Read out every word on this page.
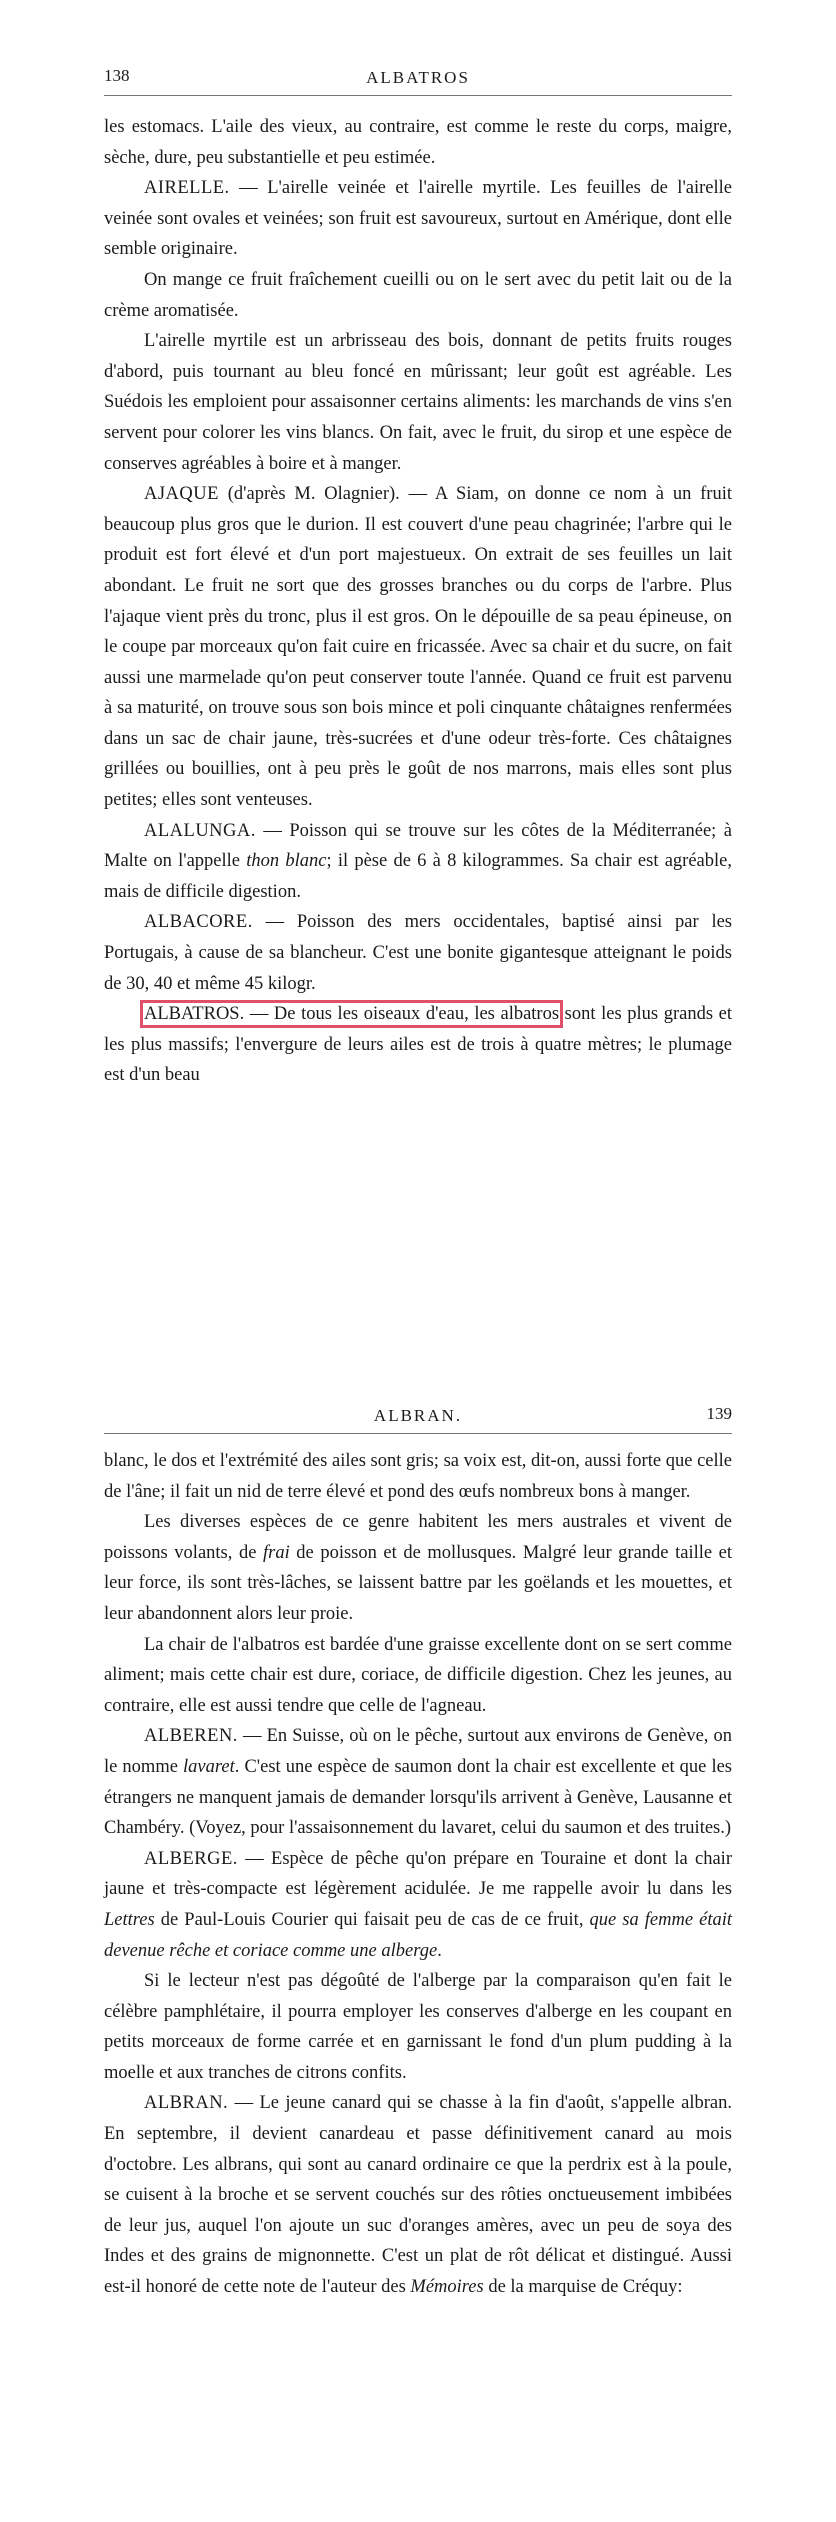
138	ALBATROS

les estomacs. L'aile des vieux, au contraire, est comme le reste du corps, maigre, sèche, dure, peu substantielle et peu estimée.

AIRELLE. — L'airelle veinée et l'airelle myrtile. Les feuilles de l'airelle veinée sont ovales et veinées; son fruit est savoureux, surtout en Amérique, dont elle semble originaire.

On mange ce fruit fraîchement cueilli ou on le sert avec du petit lait ou de la crème aromatisée.

L'airelle myrtile est un arbrisseau des bois, donnant de petits fruits rouges d'abord, puis tournant au bleu foncé en mûrissant; leur goût est agréable. Les Suédois les emploient pour assaisonner certains aliments: les marchands de vins s'en servent pour colorer les vins blancs. On fait, avec le fruit, du sirop et une espèce de conserves agréables à boire et à manger.

AJAQUE (d'après M. Olagnier). — A Siam, on donne ce nom à un fruit beaucoup plus gros que le durion. Il est couvert d'une peau chagrinée; l'arbre qui le produit est fort élevé et d'un port majestueux. On extrait de ses feuilles un lait abondant. Le fruit ne sort que des grosses branches ou du corps de l'arbre. Plus l'ajaque vient près du tronc, plus il est gros. On le dépouille de sa peau épineuse, on le coupe par morceaux qu'on fait cuire en fricassée. Avec sa chair et du sucre, on fait aussi une marmelade qu'on peut conserver toute l'année. Quand ce fruit est parvenu à sa maturité, on trouve sous son bois mince et poli cinquante châtaignes renfermées dans un sac de chair jaune, très-sucrées et d'une odeur très-forte. Ces châtaignes grillées ou bouillies, ont à peu près le goût de nos marrons, mais elles sont plus petites; elles sont venteuses.

ALALUNGA. — Poisson qui se trouve sur les côtes de la Méditerranée; à Malte on l'appelle thon blanc; il pèse de 6 à 8 kilogrammes. Sa chair est agréable, mais de difficile digestion.

ALBACORE. — Poisson des mers occidentales, baptisé ainsi par les Portugais, à cause de sa blancheur. C'est une bonite gigantesque atteignant le poids de 30, 40 et même 45 kilogr.

ALBATROS. — De tous les oiseaux d'eau, les albatros sont les plus grands et les plus massifs; l'envergure de leurs ailes est de trois à quatre mètres; le plumage est d'un beau

ALBRAN.	139

blanc, le dos et l'extrémité des ailes sont gris; sa voix est, dit-on, aussi forte que celle de l'âne; il fait un nid de terre élevé et pond des œufs nombreux bons à manger.

Les diverses espèces de ce genre habitent les mers australes et vivent de poissons volants, de frai de poisson et de mollusques. Malgré leur grande taille et leur force, ils sont très-lâches, se laissent battre par les goëlands et les mouettes, et leur abandonnent alors leur proie.

La chair de l'albatros est bardée d'une graisse excellente dont on se sert comme aliment; mais cette chair est dure, coriace, de difficile digestion. Chez les jeunes, au contraire, elle est aussi tendre que celle de l'agneau.

ALBEREN. — En Suisse, où on le pêche, surtout aux environs de Genève, on le nomme lavaret. C'est une espèce de saumon dont la chair est excellente et que les étrangers ne manquent jamais de demander lorsqu'ils arrivent à Genève, Lausanne et Chambéry. (Voyez, pour l'assaisonnement du lavaret, celui du saumon et des truites.)

ALBERGE. — Espèce de pêche qu'on prépare en Touraine et dont la chair jaune et très-compacte est légèrement acidulée. Je me rappelle avoir lu dans les Lettres de Paul-Louis Courier qui faisait peu de cas de ce fruit, que sa femme était devenue rêche et coriace comme une alberge.

Si le lecteur n'est pas dégoûté de l'alberge par la comparaison qu'en fait le célèbre pamphlétaire, il pourra employer les conserves d'alberge en les coupant en petits morceaux de forme carrée et en garnissant le fond d'un plum pudding à la moelle et aux tranches de citrons confits.

ALBRAN. — Le jeune canard qui se chasse à la fin d'août, s'appelle albran. En septembre, il devient canardeau et passe définitivement canard au mois d'octobre. Les albrans, qui sont au canard ordinaire ce que la perdrix est à la poule, se cuisent à la broche et se servent couchés sur des rôties onctueusement imbibées de leur jus, auquel l'on ajoute un suc d'oranges amères, avec un peu de soya des Indes et des grains de mignonnette. C'est un plat de rôt délicat et distingué. Aussi est-il honoré de cette note de l'auteur des Mémoires de la marquise de Créquy:
